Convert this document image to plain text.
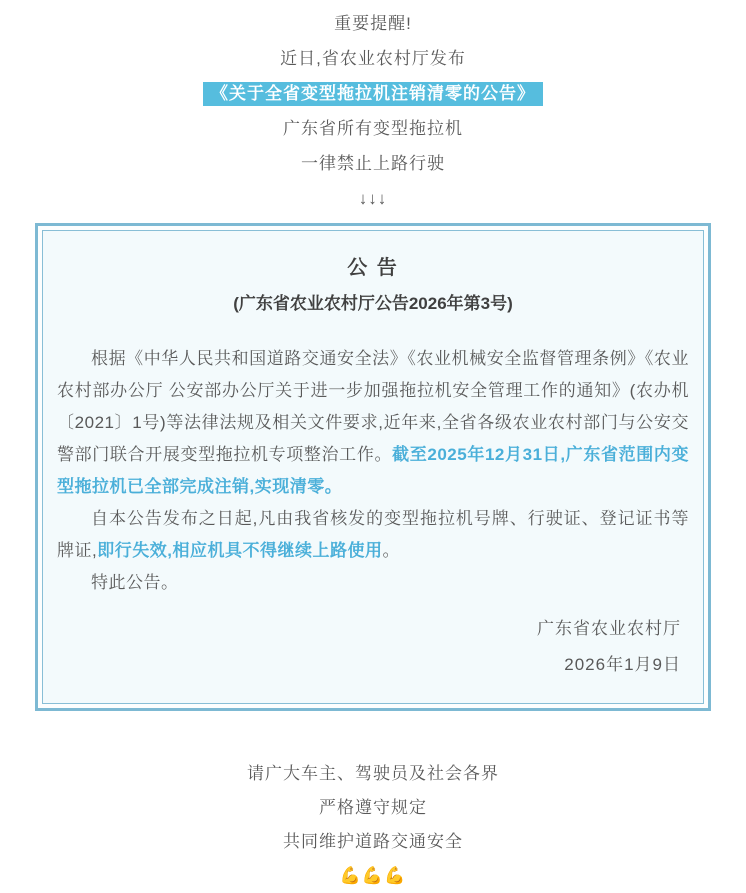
重要提醒!

近日,省农业农村厅发布

《关于全省变型拖拉机注销清零的公告》

广东省所有变型拖拉机

一律禁止上路行驶

↓↓↓

公 告
(广东省农业农村厅公告2026年第3号)

根据《中华人民共和国道路交通安全法》《农业机械安全监督管理条例》《农业农村部办公厅 公安部办公厅关于进一步加强拖拉机安全管理工作的通知》(农办机〔2021〕1号)等法律法规及相关文件要求,近年来,全省各级农业农村部门与公安交警部门联合开展变型拖拉机专项整治工作。截至2025年12月31日,广东省范围内变型拖拉机已全部完成注销,实现清零。

自本公告发布之日起,凡由我省核发的变型拖拉机号牌、行驶证、登记证书等牌证,即行失效,相应机具不得继续上路使用。

特此公告。

广东省农业农村厅

2026年1月9日

请广大车主、驾驶员及社会各界

严格遵守规定

共同维护道路交通安全

💪💪💪
